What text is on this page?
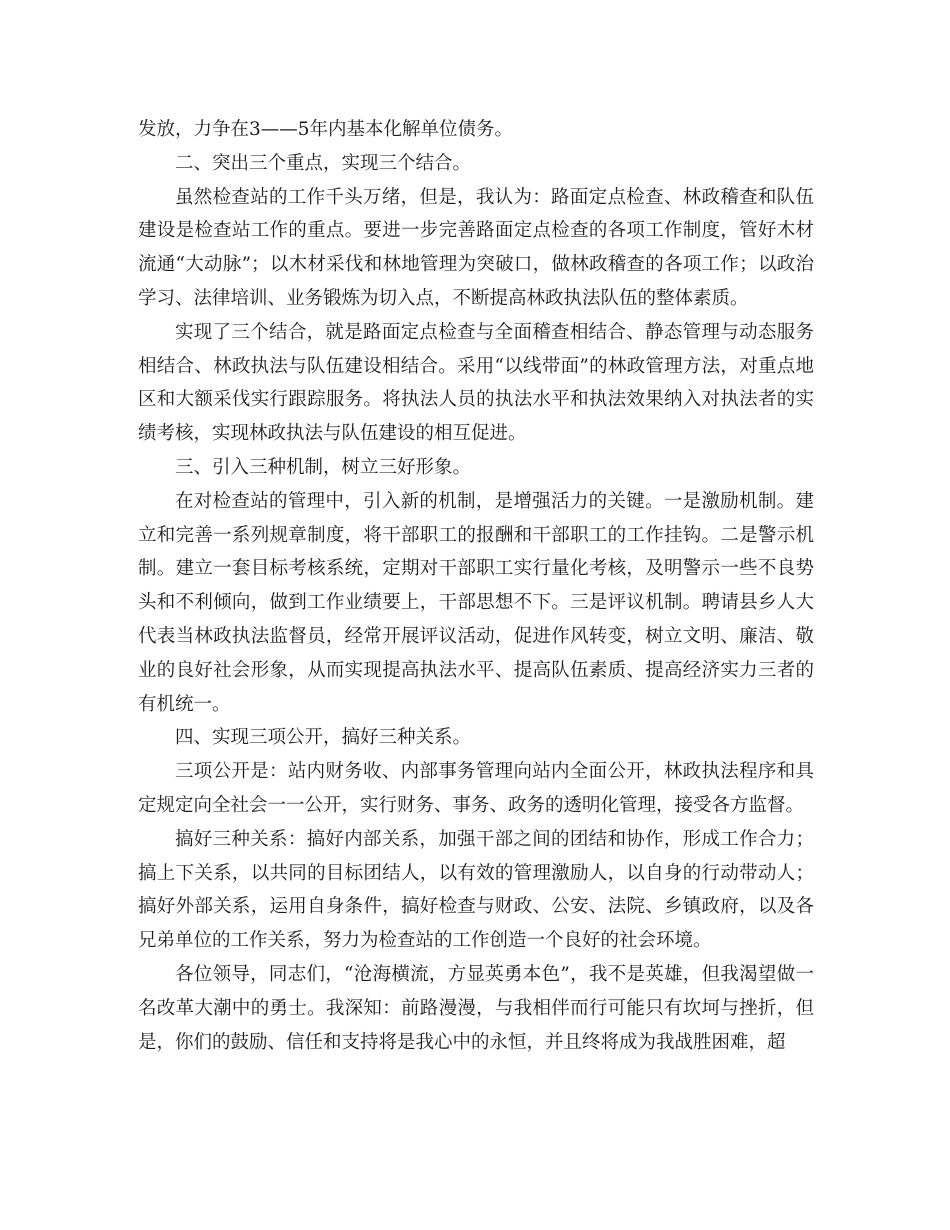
发放，力争在3——5年内基本化解单位债务。

二、突出三个重点，实现三个结合。

虽然检查站的工作千头万绪，但是，我认为：路面定点检查、林政稽查和队伍建设是检查站工作的重点。要进一步完善路面定点检查的各项工作制度，管好木材流通“大动脉”；以木材采伐和林地管理为突破口，做林政稽查的各项工作；以政治学习、法律培训、业务锻炼为切入点，不断提高林政执法队伍的整体素质。

实现了三个结合，就是路面定点检查与全面稽查相结合、静态管理与动态服务相结合、林政执法与队伍建设相结合。采用“以线带面”的林政管理方法，对重点地区和大额采伐实行跟踪服务。将执法人员的执法水平和执法效果纳入对执法者的实绩考核，实现林政执法与队伍建设的相互促进。

三、引入三种机制，树立三好形象。

在对检查站的管理中，引入新的机制，是增强活力的关键。一是激励机制。建立和完善一系列规章制度，将干部职工的报酬和干部职工的工作挂钩。二是警示机制。建立一套目标考核系统，定期对干部职工实行量化考核，及明警示一些不良势头和不利倾向，做到工作业绩要上，干部思想不下。三是评议机制。聘请县乡人大代表当林政执法监督员，经常开展评议活动，促进作风转变，树立文明、廉洁、敬业的良好社会形象，从而实现提高执法水平、提高队伍素质、提高经济实力三者的有机统一。

四、实现三项公开，搞好三种关系。

三项公开是：站内财务收、内部事务管理向站内全面公开，林政执法程序和具定规定向全社会一一公开，实行财务、事务、政务的透明化管理，接受各方监督。

搞好三种关系：搞好内部关系，加强干部之间的团结和协作，形成工作合力；搞上下关系，以共同的目标团结人，以有效的管理激励人，以自身的行动带动人；搞好外部关系，运用自身条件，搞好检查与财政、公安、法院、乡镇政府，以及各兄弟单位的工作关系，努力为检查站的工作创造一个良好的社会环境。

各位领导，同志们，“沧海横流，方显英勇本色”，我不是英雄，但我渴望做一名改革大潮中的勇士。我深知：前路漫漫，与我相伴而行可能只有坎坷与挫折，但是，你们的鼓励、信任和支持将是我心中的永恒，并且终将成为我战胜困难，超
